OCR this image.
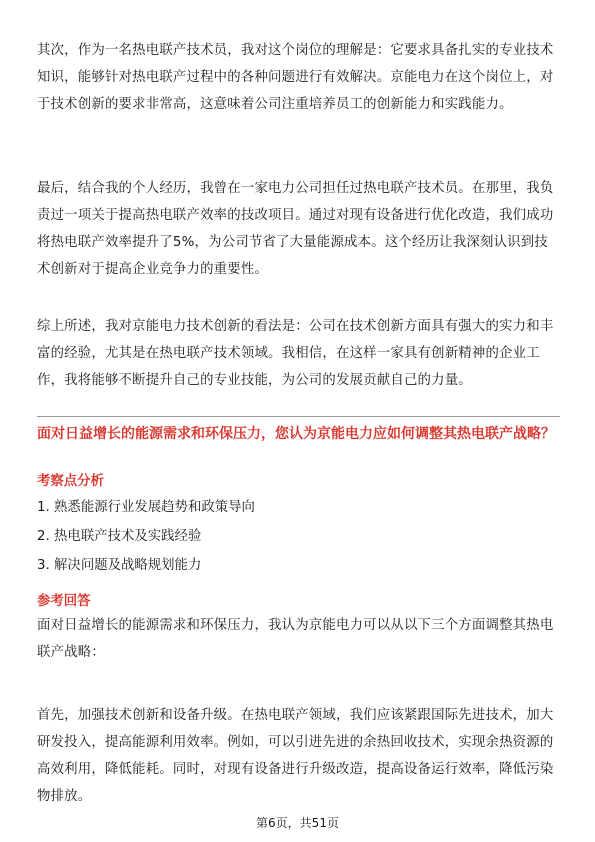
其次，作为一名热电联产技术员，我对这个岗位的理解是：它要求具备扎实的专业技术知识，能够针对热电联产过程中的各种问题进行有效解决。京能电力在这个岗位上，对于技术创新的要求非常高，这意味着公司注重培养员工的创新能力和实践能力。

最后，结合我的个人经历，我曾在一家电力公司担任过热电联产技术员。在那里，我负责过一项关于提高热电联产效率的技改项目。通过对现有设备进行优化改造，我们成功将热电联产效率提升了5%，为公司节省了大量能源成本。这个经历让我深刻认识到技术创新对于提高企业竞争力的重要性。

综上所述，我对京能电力技术创新的看法是：公司在技术创新方面具有强大的实力和丰富的经验，尤其是在热电联产技术领域。我相信，在这样一家具有创新精神的企业工作，我将能够不断提升自己的专业技能，为公司的发展贡献自己的力量。

面对日益增长的能源需求和环保压力，您认为京能电力应如何调整其热电联产战略？

考察点分析

1. 熟悉能源行业发展趋势和政策导向

2. 热电联产技术及实践经验

3. 解决问题及战略规划能力

参考回答

面对日益增长的能源需求和环保压力，我认为京能电力可以从以下三个方面调整其热电联产战略：

首先，加强技术创新和设备升级。在热电联产领域，我们应该紧跟国际先进技术，加大研发投入，提高能源利用效率。例如，可以引进先进的余热回收技术，实现余热资源的高效利用，降低能耗。同时，对现有设备进行升级改造，提高设备运行效率，降低污染物排放。

第6页，共51页
